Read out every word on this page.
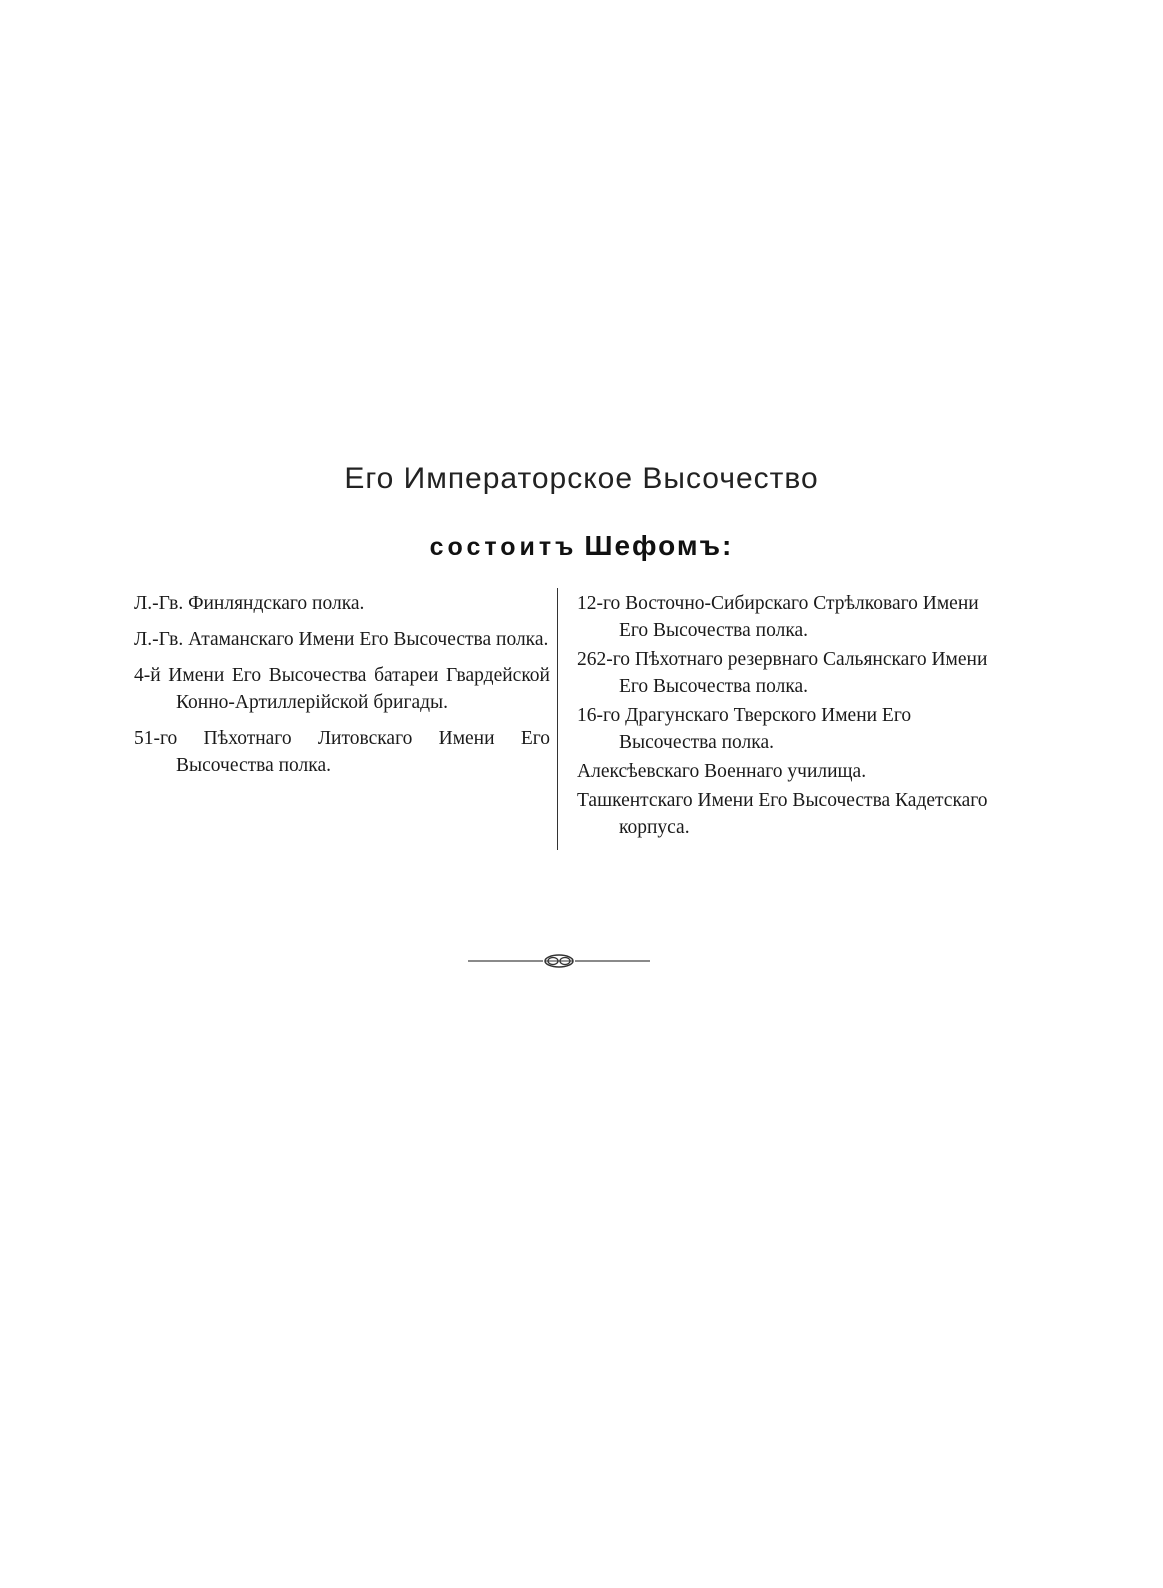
Его Императорское Высочество
состоитъ Шефомъ:
Л.-Гв. Финляндскаго полка.
Л.-Гв. Атаманскаго Имени Его Высочества полка.
4-й Имени Его Высочества батареи Гвардейской Конно-Артиллерійской бригады.
51-го Пѣхотнаго Литовскаго Имени Его Высочества полка.
12-го Восточно-Сибирскаго Стрѣлковаго Имени Его Высочества полка.
262-го Пѣхотнаго резервнаго Сальянскаго Имени Его Высочества полка.
16-го Драгунскаго Тверского Имени Его Высочества полка.
Алексѣевскаго Военнаго училища.
Ташкентскаго Имени Его Высочества Кадетскаго корпуса.
